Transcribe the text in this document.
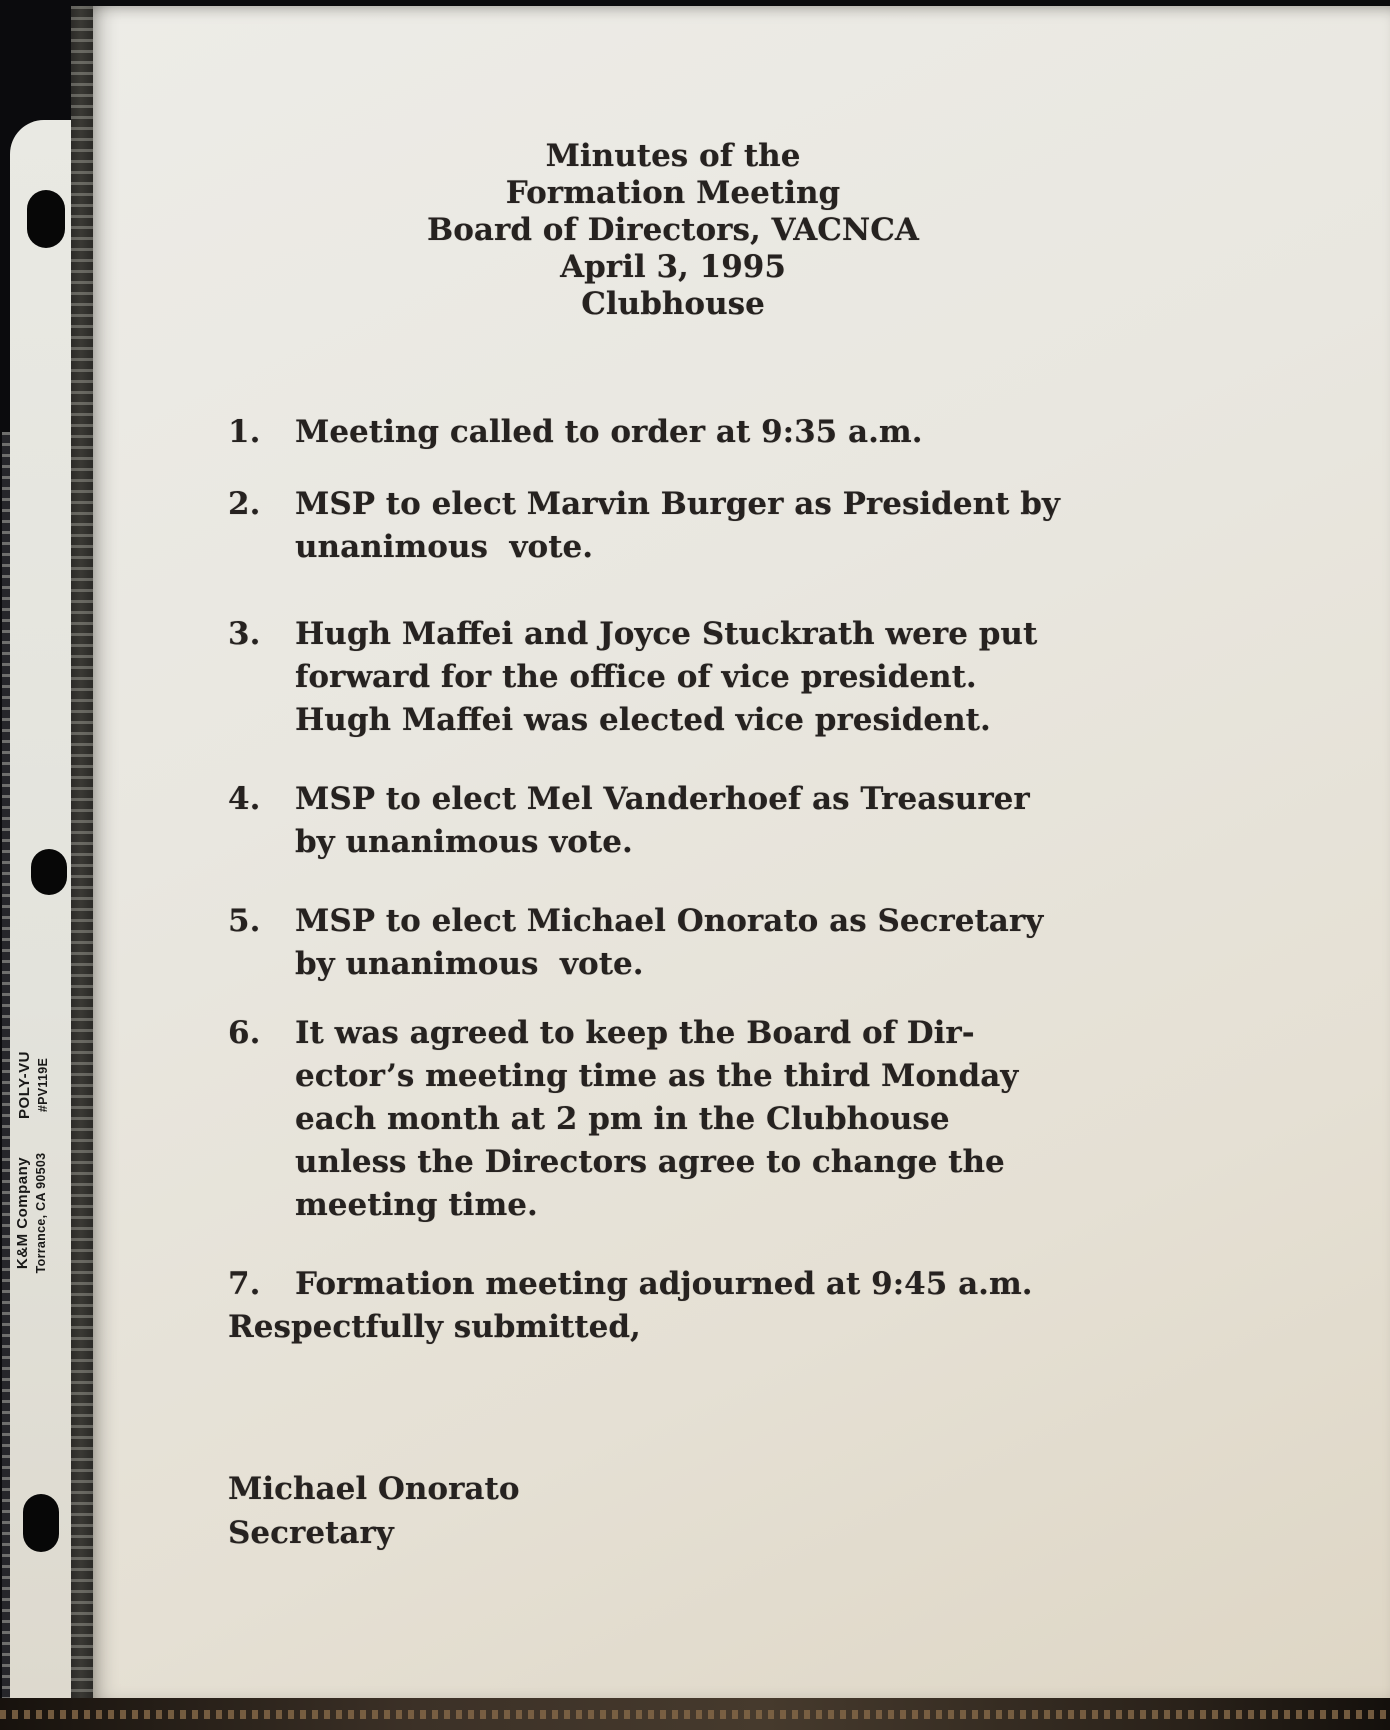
POLY-VU #PV119E
K&M Company Torrance, CA 90503
Minutes of the
Formation Meeting
Board of Directors, VACNCA
April 3, 1995
Clubhouse
1.	Meeting called to order at 9:35 a.m.
2.	MSP to elect Marvin Burger as President by
unanimous  vote.
3.	Hugh Maffei and Joyce Stuckrath were put
forward for the office of vice president.
Hugh Maffei was elected vice president.
4.	MSP to elect Mel Vanderhoef as Treasurer
by unanimous vote.
5.	MSP to elect Michael Onorato as Secretary
by unanimous  vote.
6.	It was agreed to keep the Board of Dir-
ector’s meeting time as the third Monday
each month at 2 pm in the Clubhouse
unless the Directors agree to change the
meeting time.
7.	Formation meeting adjourned at 9:45 a.m.
Respectfully submitted,
Michael Onorato
Secretary
